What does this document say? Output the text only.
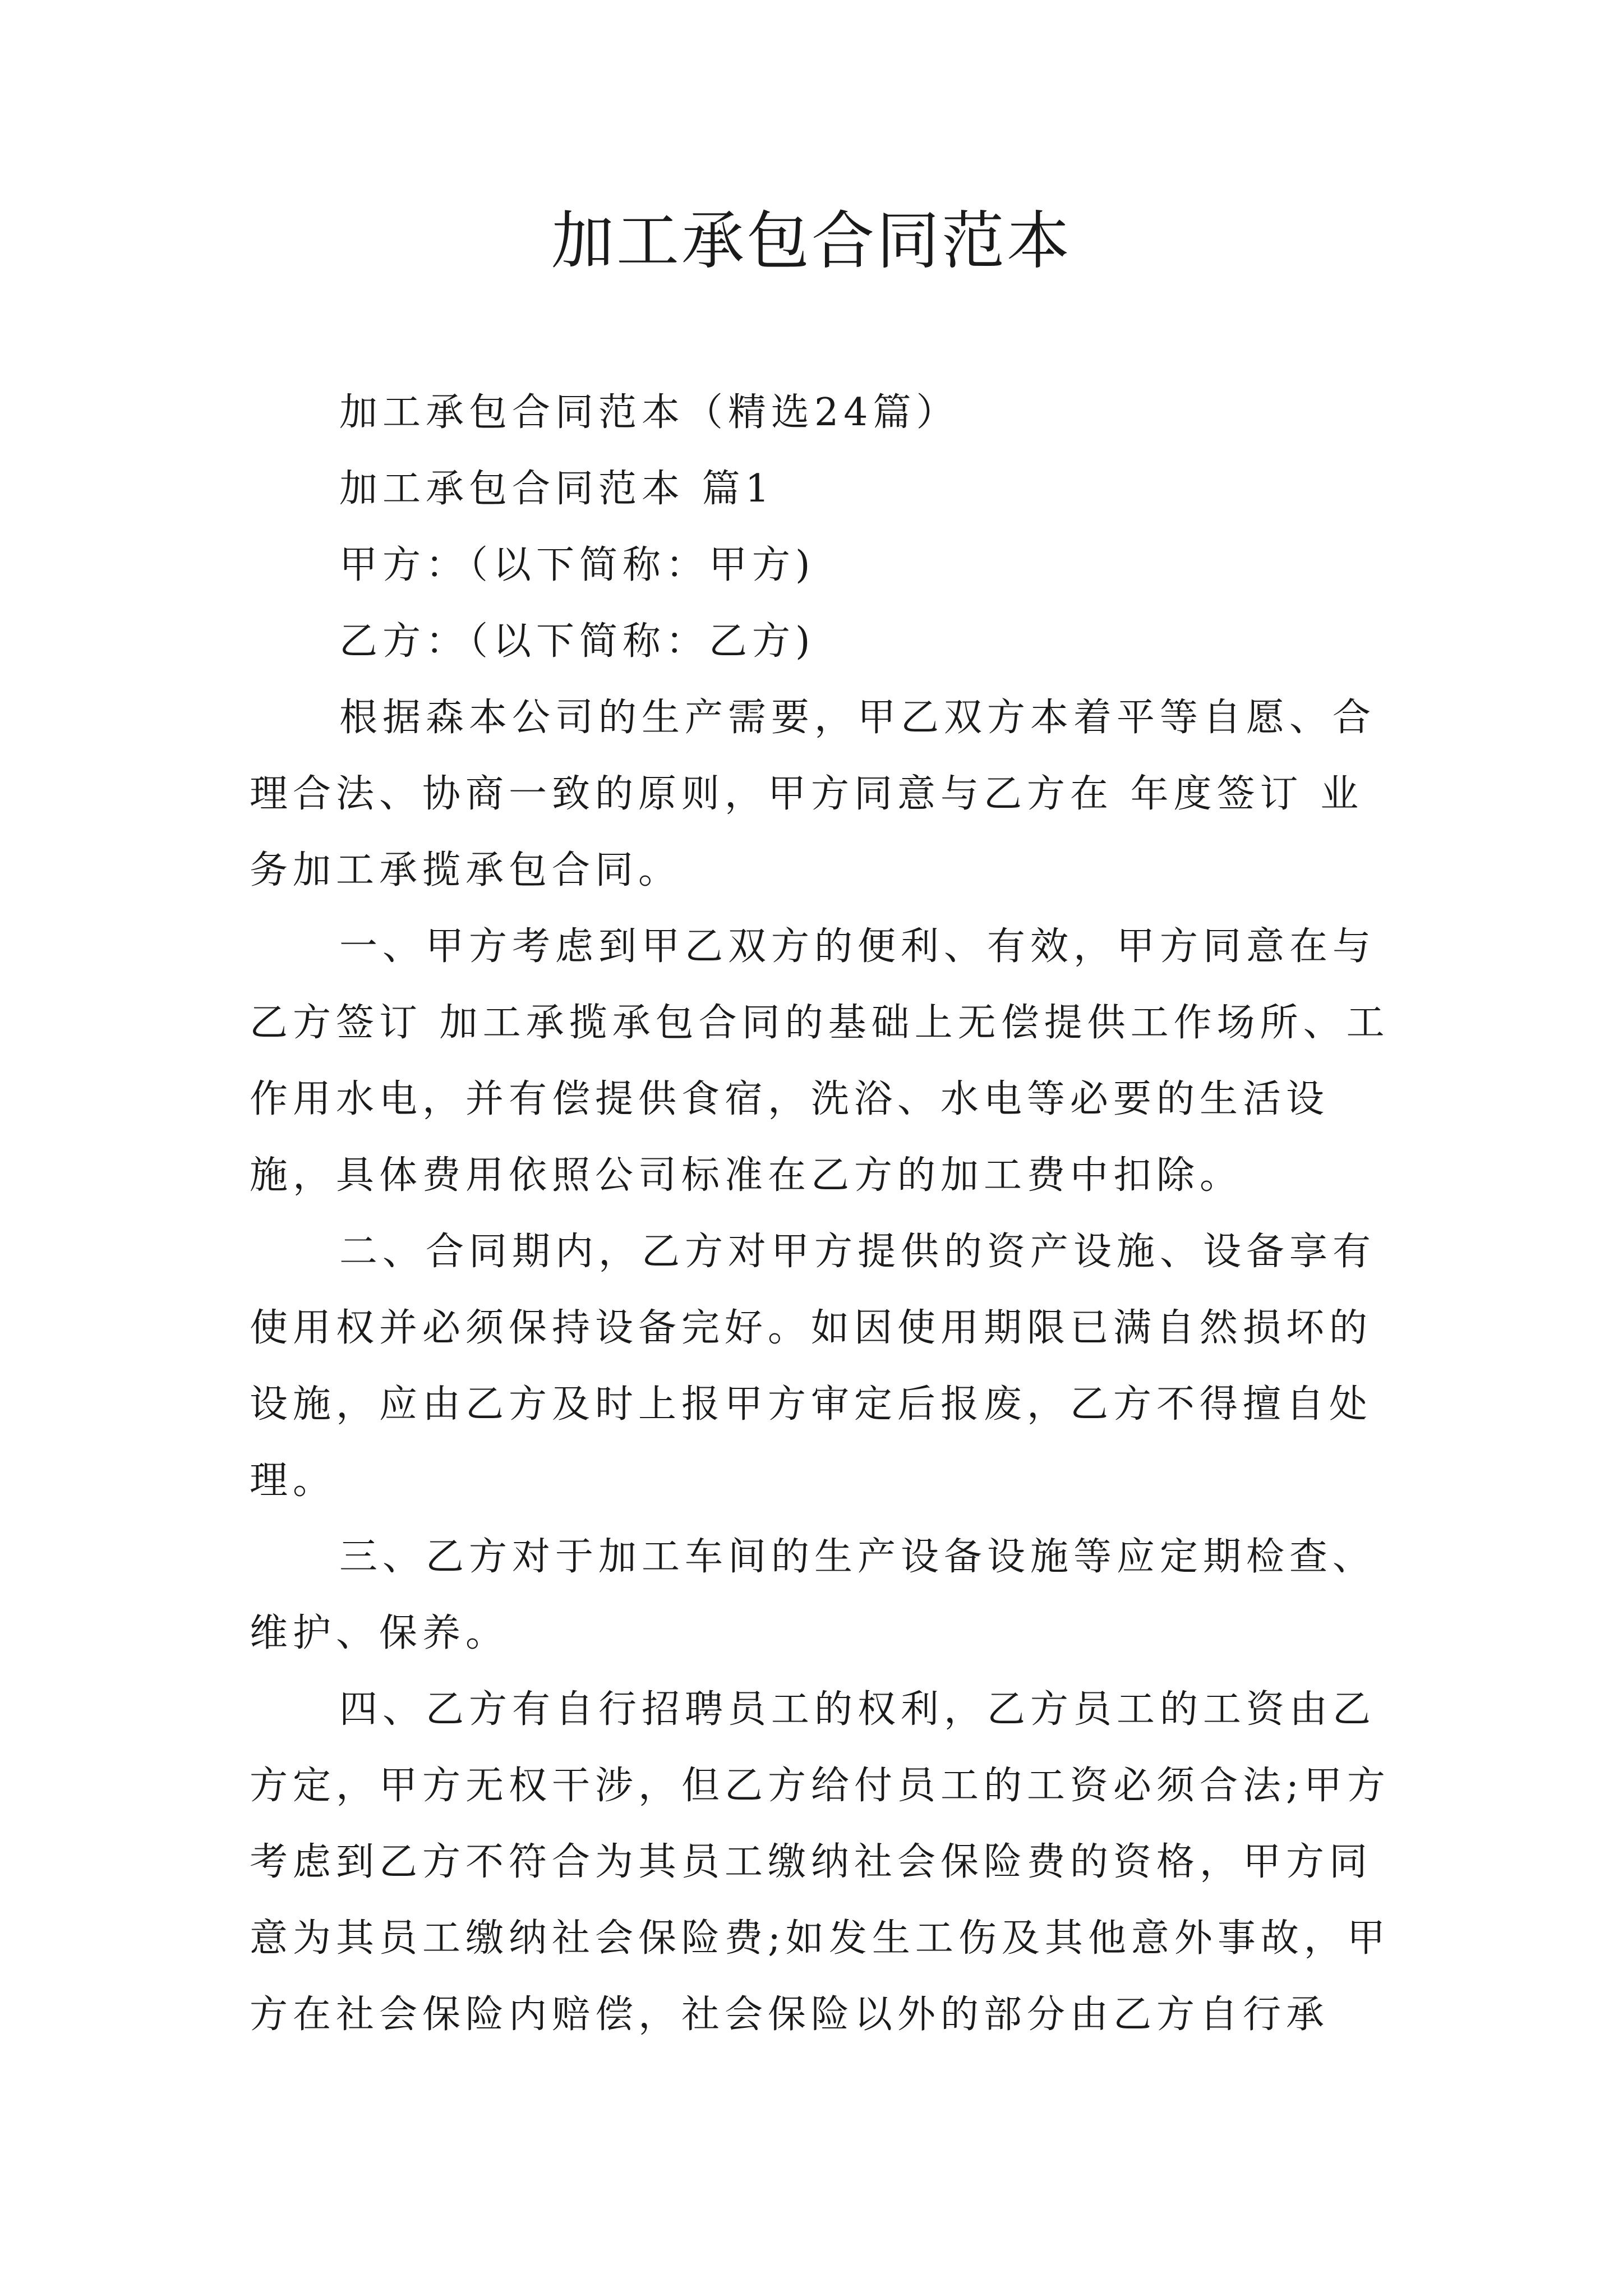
加工承包合同范本

加工承包合同范本（精选24篇）

加工承包合同范本 篇1

甲方：（以下简称：甲方)

乙方：（以下简称：乙方)

根据森本公司的生产需要，甲乙双方本着平等自愿、合理合法、协商一致的原则，甲方同意与乙方在 年度签订 业务加工承揽承包合同。

一、甲方考虑到甲乙双方的便利、有效，甲方同意在与乙方签订 加工承揽承包合同的基础上无偿提供工作场所、工作用水电，并有偿提供食宿，洗浴、水电等必要的生活设施，具体费用依照公司标准在乙方的加工费中扣除。

二、合同期内，乙方对甲方提供的资产设施、设备享有使用权并必须保持设备完好。如因使用期限已满自然损坏的设施，应由乙方及时上报甲方审定后报废，乙方不得擅自处理。

三、乙方对于加工车间的生产设备设施等应定期检查、维护、保养。

四、乙方有自行招聘员工的权利，乙方员工的工资由乙方定，甲方无权干涉，但乙方给付员工的工资必须合法;甲方考虑到乙方不符合为其员工缴纳社会保险费的资格，甲方同意为其员工缴纳社会保险费;如发生工伤及其他意外事故，甲方在社会保险内赔偿，社会保险以外的部分由乙方自行承
